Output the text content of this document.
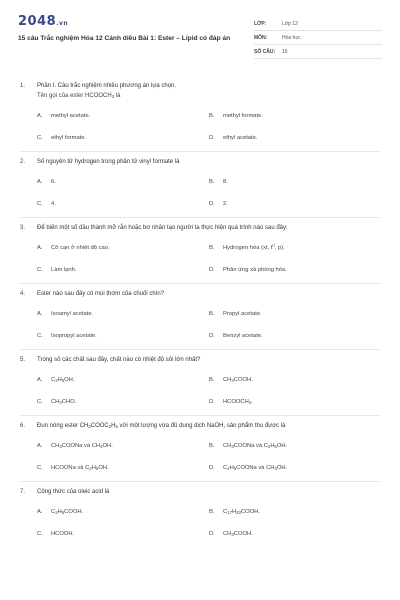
2048.vn
15 câu Trắc nghiệm Hóa 12 Cánh diều Bài 1: Ester – Lipid có đáp án
LỚP:	Lớp 12
MÔN:	Hóa học
SỐ CÂU:	15
1.	Phần I. Câu trắc nghiệm nhiều phương án lựa chọn.
Tên gọi của ester $HCOOCH_3$ là
A.	methyl acetate.	B.	methyl formate.
C.	ethyl formate.	D.	ethyl acetate.
2.	Số nguyên tử hydrogen trong phân tử vinyl formate là
A.	6.	B.	8.
C.	4.	D.	2.
3.	Để biến một số dầu thành mỡ rắn hoặc bơ nhân tạo người ta thực hiện quá trình nào sau đây:
A.	Cô cạn ở nhiệt độ cao.	B.	Hydrogen hóa (xt, $t^o$, p).
C.	Làm lạnh.	D.	Phản ứng xà phòng hóa.
4.	Ester nào sau đây có mùi thơm của chuối chín?
A.	Isoamyl acetate.	B.	Propyl acetate.
C.	Isopropyl acetate.	D.	Benzyl acetate.
5.	Trong số các chất sau đây, chất nào có nhiệt độ sôi lớn nhất?
A.	$C_2H_5OH$.	B.	$CH_3COOH$.
C.	$CH_3CHO$.	D.	$HCOOCH_3$.
6.	Đun nóng ester $CH_3COOC_2H_5$ với một lượng vừa đủ dung dịch NaOH, sản phẩm thu được là
A.	$CH_3COONa$ và $CH_3OH$.	B.	$CH_3COONa$ và $C_2H_5OH$.
C.	HCOONa và $C_2H_5OH$.	D.	$C_2H_5COONa$ và $CH_3OH$.
7.	Công thức của oleic acid là
A.	$C_2H_5COOH$.	B.	$C_{17}H_{33}COOH$.
C.	HCOOH.	D.	$CH_3COOH$.
